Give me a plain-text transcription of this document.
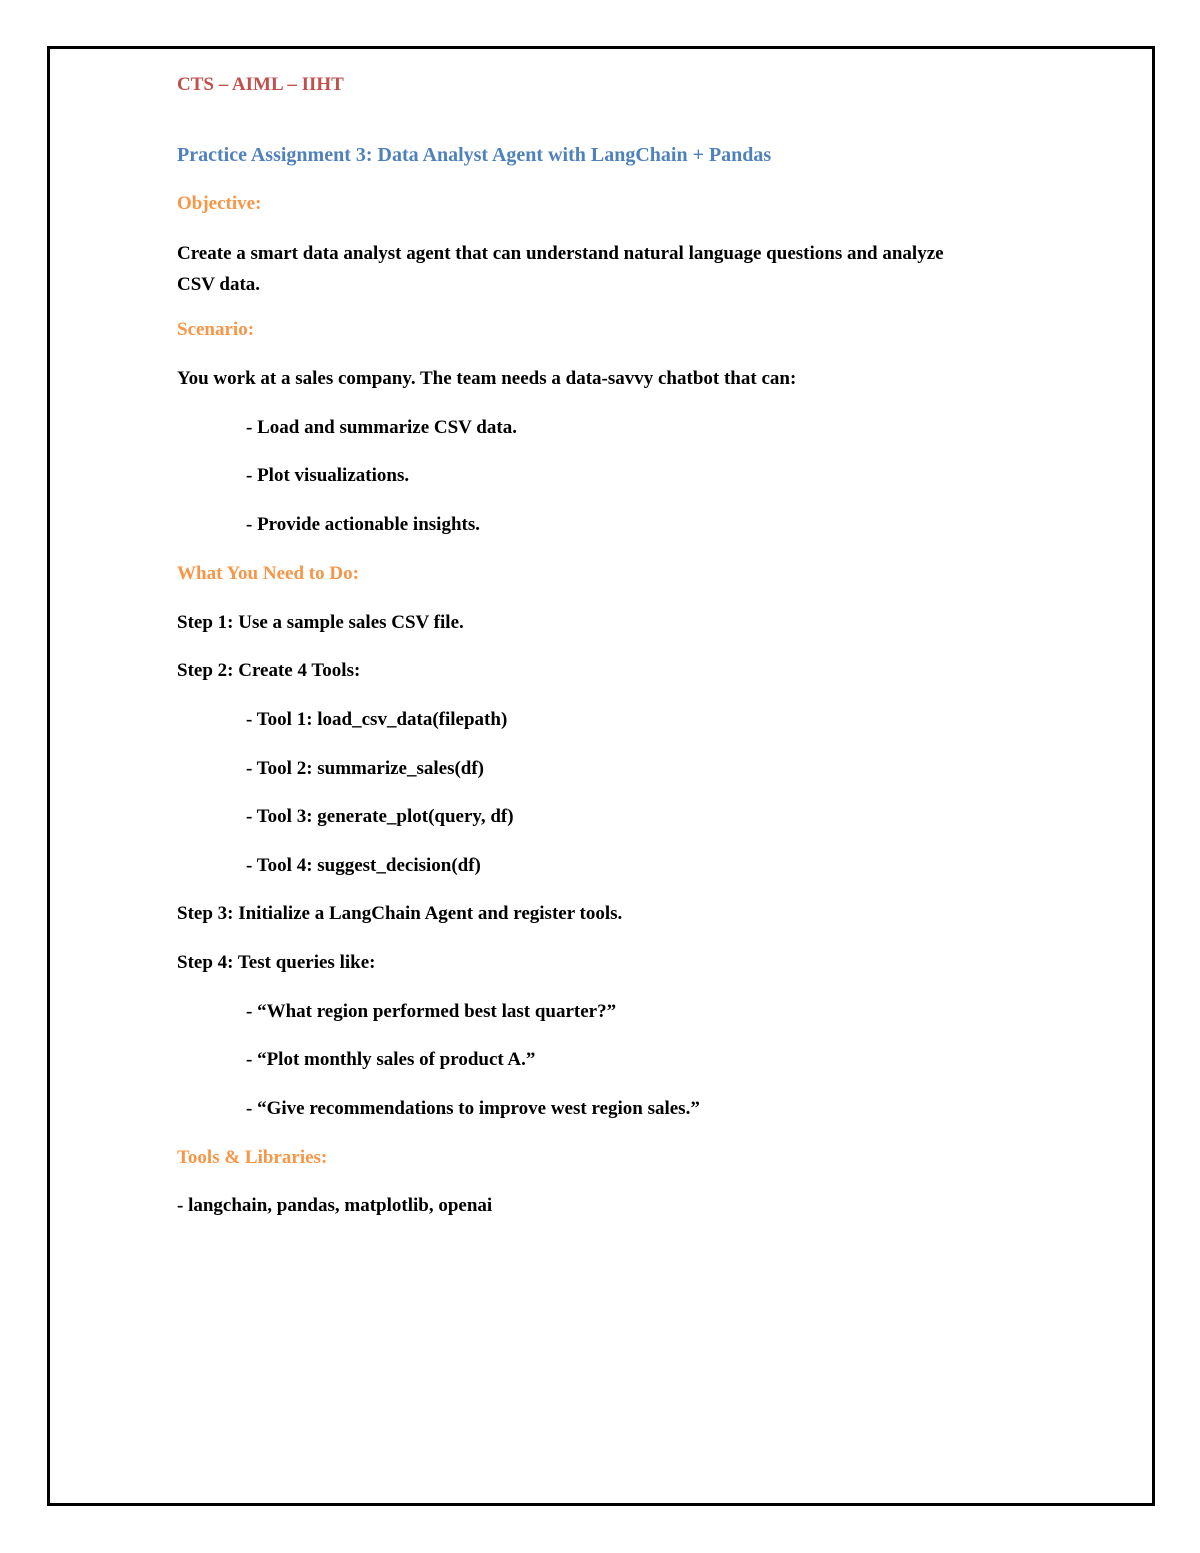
CTS – AIML – IIHT

Practice Assignment 3: Data Analyst Agent with LangChain + Pandas

Objective:

Create a smart data analyst agent that can understand natural language questions and analyze CSV data.

Scenario:

You work at a sales company. The team needs a data-savvy chatbot that can:

- Load and summarize CSV data.

- Plot visualizations.

- Provide actionable insights.

What You Need to Do:

Step 1: Use a sample sales CSV file.

Step 2: Create 4 Tools:

- Tool 1: load_csv_data(filepath)

- Tool 2: summarize_sales(df)

- Tool 3: generate_plot(query, df)

- Tool 4: suggest_decision(df)

Step 3: Initialize a LangChain Agent and register tools.

Step 4: Test queries like:

- “What region performed best last quarter?”

- “Plot monthly sales of product A.”

- “Give recommendations to improve west region sales.”

Tools & Libraries:

- langchain, pandas, matplotlib, openai
